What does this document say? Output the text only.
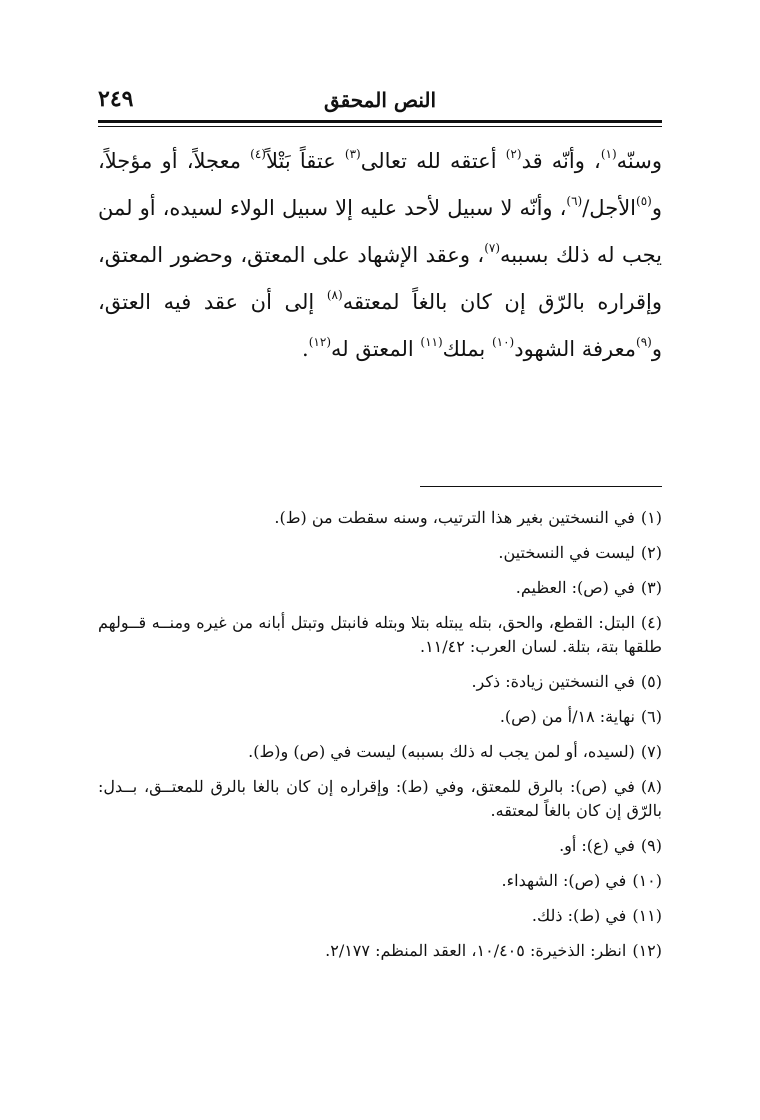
٢٤٩	النص المحقق

وسنّه$^{(١)}$، وأنّه قد$^{(٢)}$ أعتقه لله تعالى$^{(٣)}$ عتقاً بَتْلاً$^{(٤)}$ معجلاً، أو مؤجلاً، و$^{(٥)}$الأجل/$^{(٦)}$، وأنّه لا سبيل لأحد عليه إلا سبيل الولاء لسيده، أو لمن يجب له ذلك بسببه$^{(٧)}$، وعقد الإشهاد على المعتق، وحضور المعتق، وإقراره بالرّق إن كان بالغاً لمعتقه$^{(٨)}$ إلى أن عقد فيه العتق، و$^{(٩)}$معرفة الشهود$^{(١٠)}$ بملك$^{(١١)}$ المعتق له$^{(١٢)}$.

(١)في النسختين بغير هذا الترتيب، وسنه سقطت من (ط).

(٢)ليست في النسختين.

(٣)في (ص): العظيم.

(٤)البتل: القطع، والحق، بتله يبتله بتلا وبتله فانبتل وتبتل أبانه من غيره ومنــه قــولهم طلقها بتة، بتلة. لسان العرب: ١١/٤٢.

(٥)في النسختين زيادة: ذكر.

(٦)نهاية: ١٨/أ من (ص).

(٧)(لسيده، أو لمن يجب له ذلك بسببه) ليست في (ص) و(ط).

(٨)في (ص): بالرق للمعتق، وفي (ط): وإقراره إن كان بالغا بالرق للمعتــق، بــدل: بالرّق إن كان بالغاً لمعتقه.

(٩)في (ع): أو.

(١٠)في (ص): الشهداء.

(١١)في (ط): ذلك.

(١٢)انظر: الذخيرة: ١٠/٤٠٥، العقد المنظم: ٢/١٧٧.
